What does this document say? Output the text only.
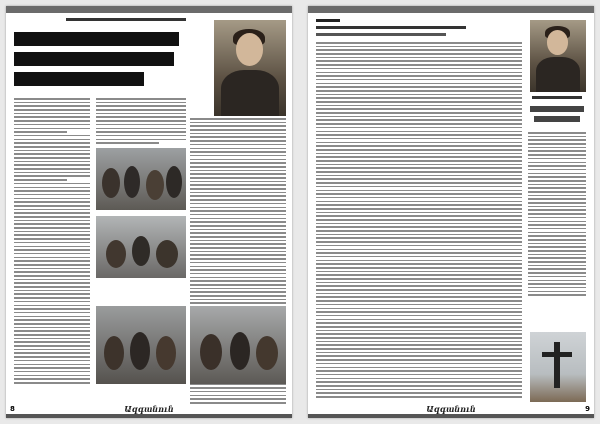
8	Ազգանուն	9
Ազգանուն
